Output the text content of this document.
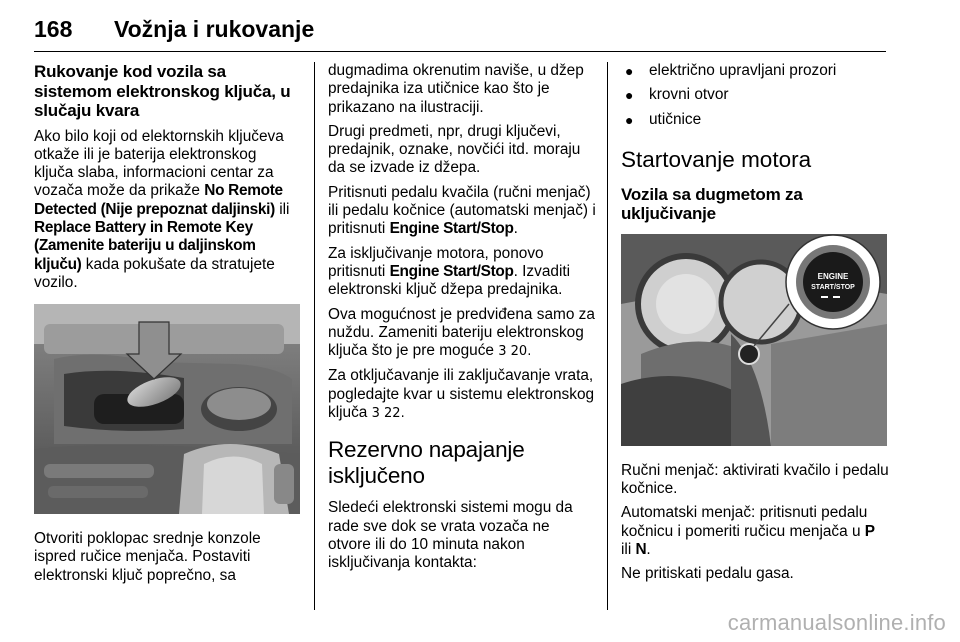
168 Vožnja i rukovanje
Rukovanje kod vozila sa sistemom elektronskog ključa, u slučaju kvara

Ako bilo koji od elektornskih ključeva otkaže ili je baterija elektronskog ključa slaba, informacioni centar za vozača može da prikaže No Remote Detected (Nije prepoznat daljinski) ili Replace Battery in Remote Key (Zamenite bateriju u daljinskom ključu) kada pokušate da stratujete vozilo.

Otvoriti poklopac srednje konzole ispred ručice menjača. Postaviti elektronski ključ poprečno, sa

dugmadima okrenutim naviše, u džep predajnika iza utičnice kao što je prikazano na ilustraciji.

Drugi predmeti, npr, drugi ključevi, predajnik, oznake, novčići itd. moraju da se izvade iz džepa.

Pritisnuti pedalu kvačila (ručni menjač) ili pedalu kočnice (automatski menjač) i pritisnuti Engine Start/Stop.

Za isključivanje motora, ponovo pritisnuti Engine Start/Stop. Izvaditi elektronski ključ džepa predajnika.

Ova mogućnost je predviđena samo za nuždu. Zameniti bateriju elektronskog ključa što je pre moguće 3 20.

Za otključavanje ili zaključavanje vrata, pogledajte kvar u sistemu elektronskog ključa 3 22.

Rezervno napajanje isključeno

Sledeći elektronski sistemi mogu da rade sve dok se vrata vozača ne otvore ili do 10 minuta nakon isključivanja kontakta:

● električno upravljani prozori
● krovni otvor
● utičnice
Startovanje motora
Vozila sa dugmetom za uključivanje
ENGINE
START/STOP

Ručni menjač: aktivirati kvačilo i pedalu kočnice.

Automatski menjač: pritisnuti pedalu kočnicu i pomeriti ručicu menjača u P ili N.

Ne pritiskati pedalu gasa.

carmanualsonline.info
